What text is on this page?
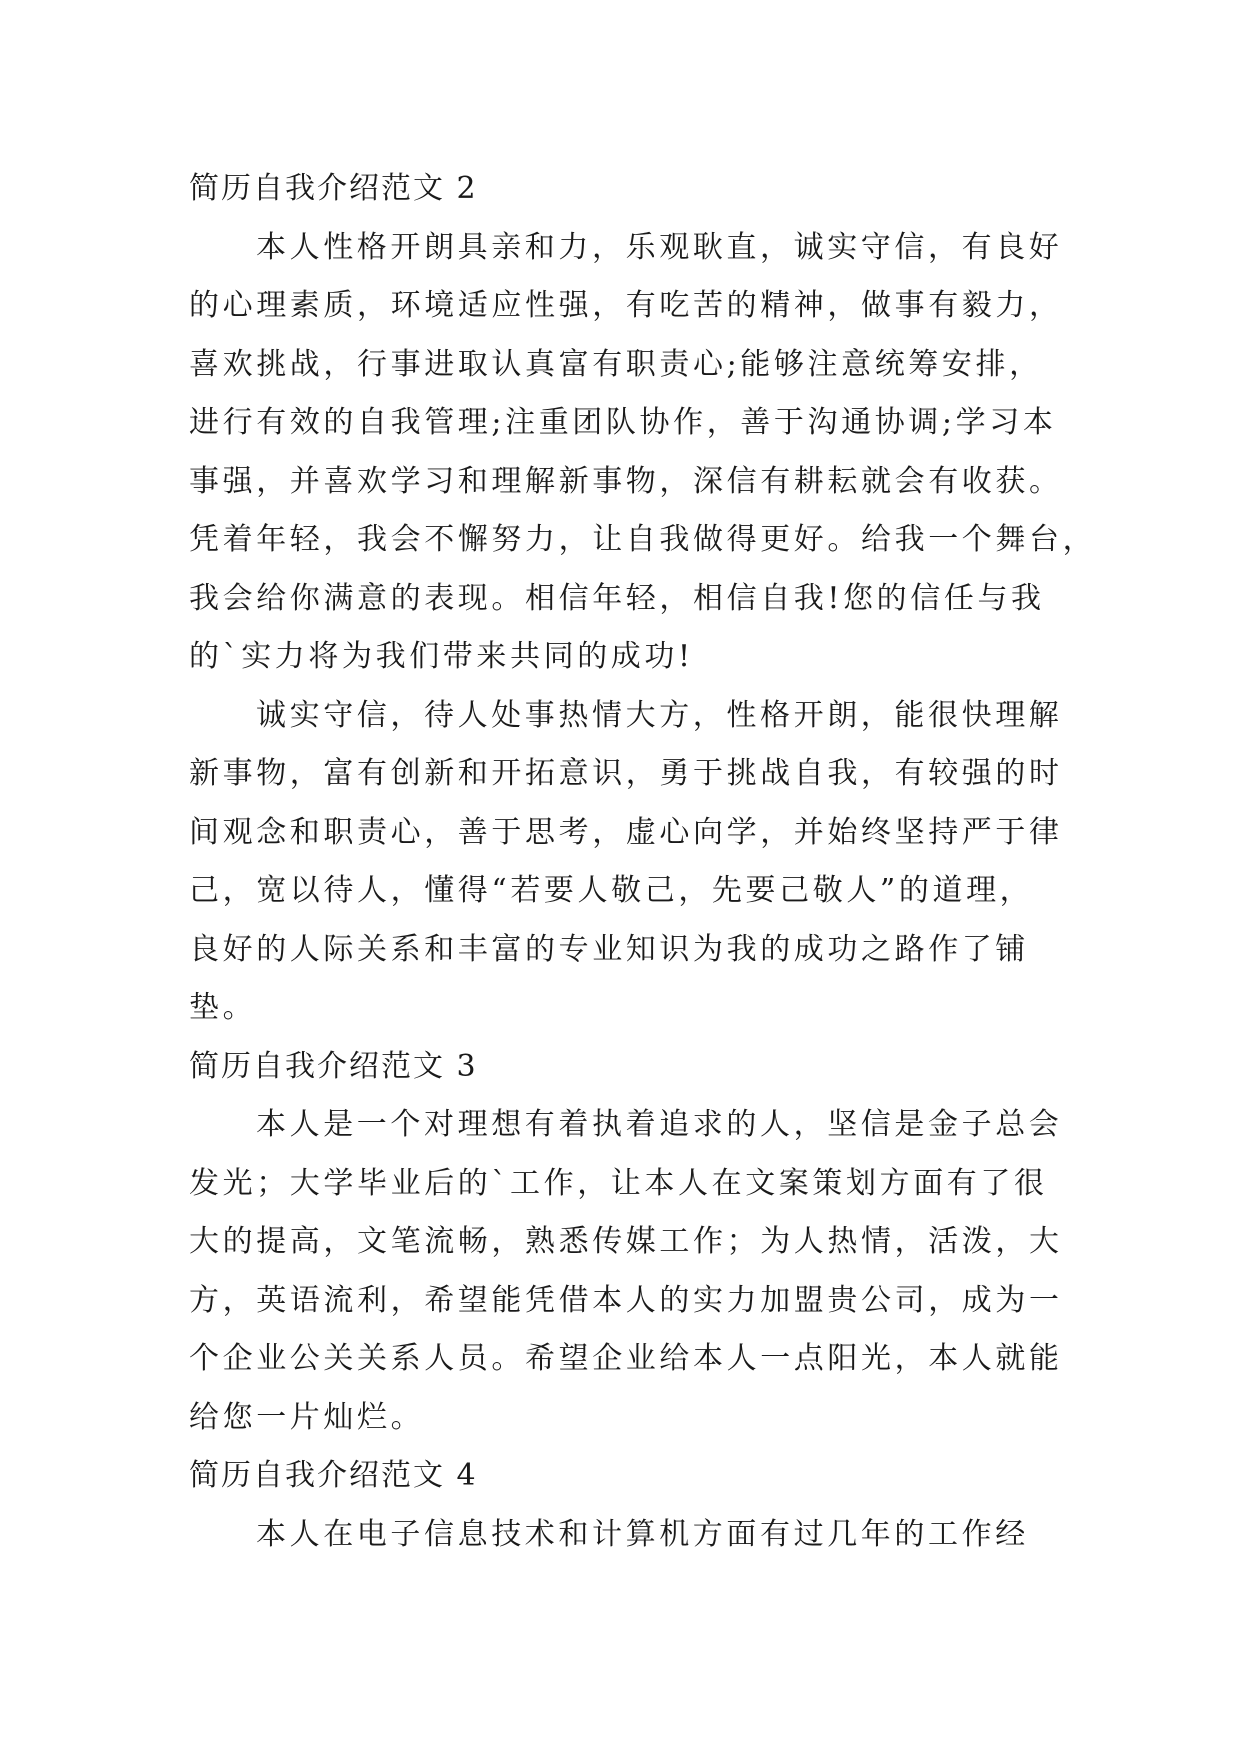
简历自我介绍范文 2
本人性格开朗具亲和力，乐观耿直，诚实守信，有良好
的心理素质，环境适应性强，有吃苦的精神，做事有毅力，
喜欢挑战，行事进取认真富有职责心;能够注意统筹安排，
进行有效的自我管理;注重团队协作，善于沟通协调;学习本
事强，并喜欢学习和理解新事物，深信有耕耘就会有收获。
凭着年轻，我会不懈努力，让自我做得更好。给我一个舞台，
我会给你满意的表现。相信年轻，相信自我!您的信任与我
的`实力将为我们带来共同的成功!
诚实守信，待人处事热情大方，性格开朗，能很快理解
新事物，富有创新和开拓意识，勇于挑战自我，有较强的时
间观念和职责心，善于思考，虚心向学，并始终坚持严于律
己，宽以待人，懂得“若要人敬己，先要己敬人”的道理，
良好的人际关系和丰富的专业知识为我的成功之路作了铺
垫。
简历自我介绍范文 3
本人是一个对理想有着执着追求的人，坚信是金子总会
发光；大学毕业后的`工作，让本人在文案策划方面有了很
大的提高，文笔流畅，熟悉传媒工作；为人热情，活泼，大
方，英语流利，希望能凭借本人的实力加盟贵公司，成为一
个企业公关关系人员。希望企业给本人一点阳光，本人就能
给您一片灿烂。
简历自我介绍范文 4
本人在电子信息技术和计算机方面有过几年的工作经
